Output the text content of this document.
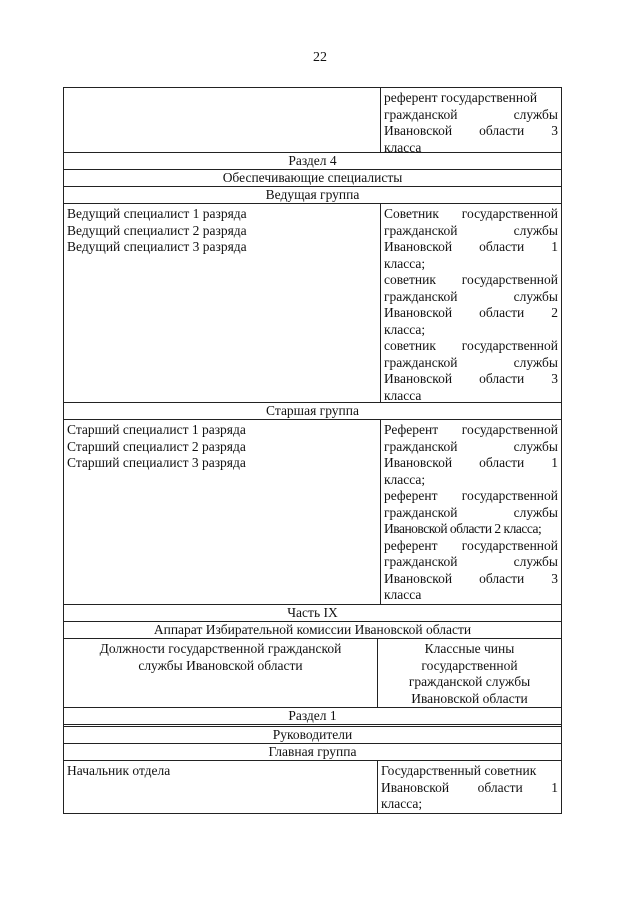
22
референт государственной
гражданской службы
Ивановской области 3
класса
Раздел 4
Обеспечивающие специалисты
Ведущая группа
Ведущий специалист 1 разряда
Ведущий специалист 2 разряда
Ведущий специалист 3 разряда
Советник государственной
гражданской службы
Ивановской области 1
класса;
советник государственной
гражданской службы
Ивановской области 2
класса;
советник государственной
гражданской службы
Ивановской области 3
класса
Старшая группа
Старший специалист 1 разряда
Старший специалист 2 разряда
Старший специалист 3 разряда
Референт государственной
гражданской службы
Ивановской области 1
класса;
референт государственной
гражданской службы
Ивановской области 2 класса;
референт государственной
гражданской службы
Ивановской области 3
класса
Часть IX
Аппарат Избирательной комиссии Ивановской области
Должности государственной гражданской
службы Ивановской области
Классные чины
государственной
гражданской службы
Ивановской области
Раздел 1
Руководители
Главная группа
Начальник отдела	Государственный советник
Ивановской области 1
класса;
